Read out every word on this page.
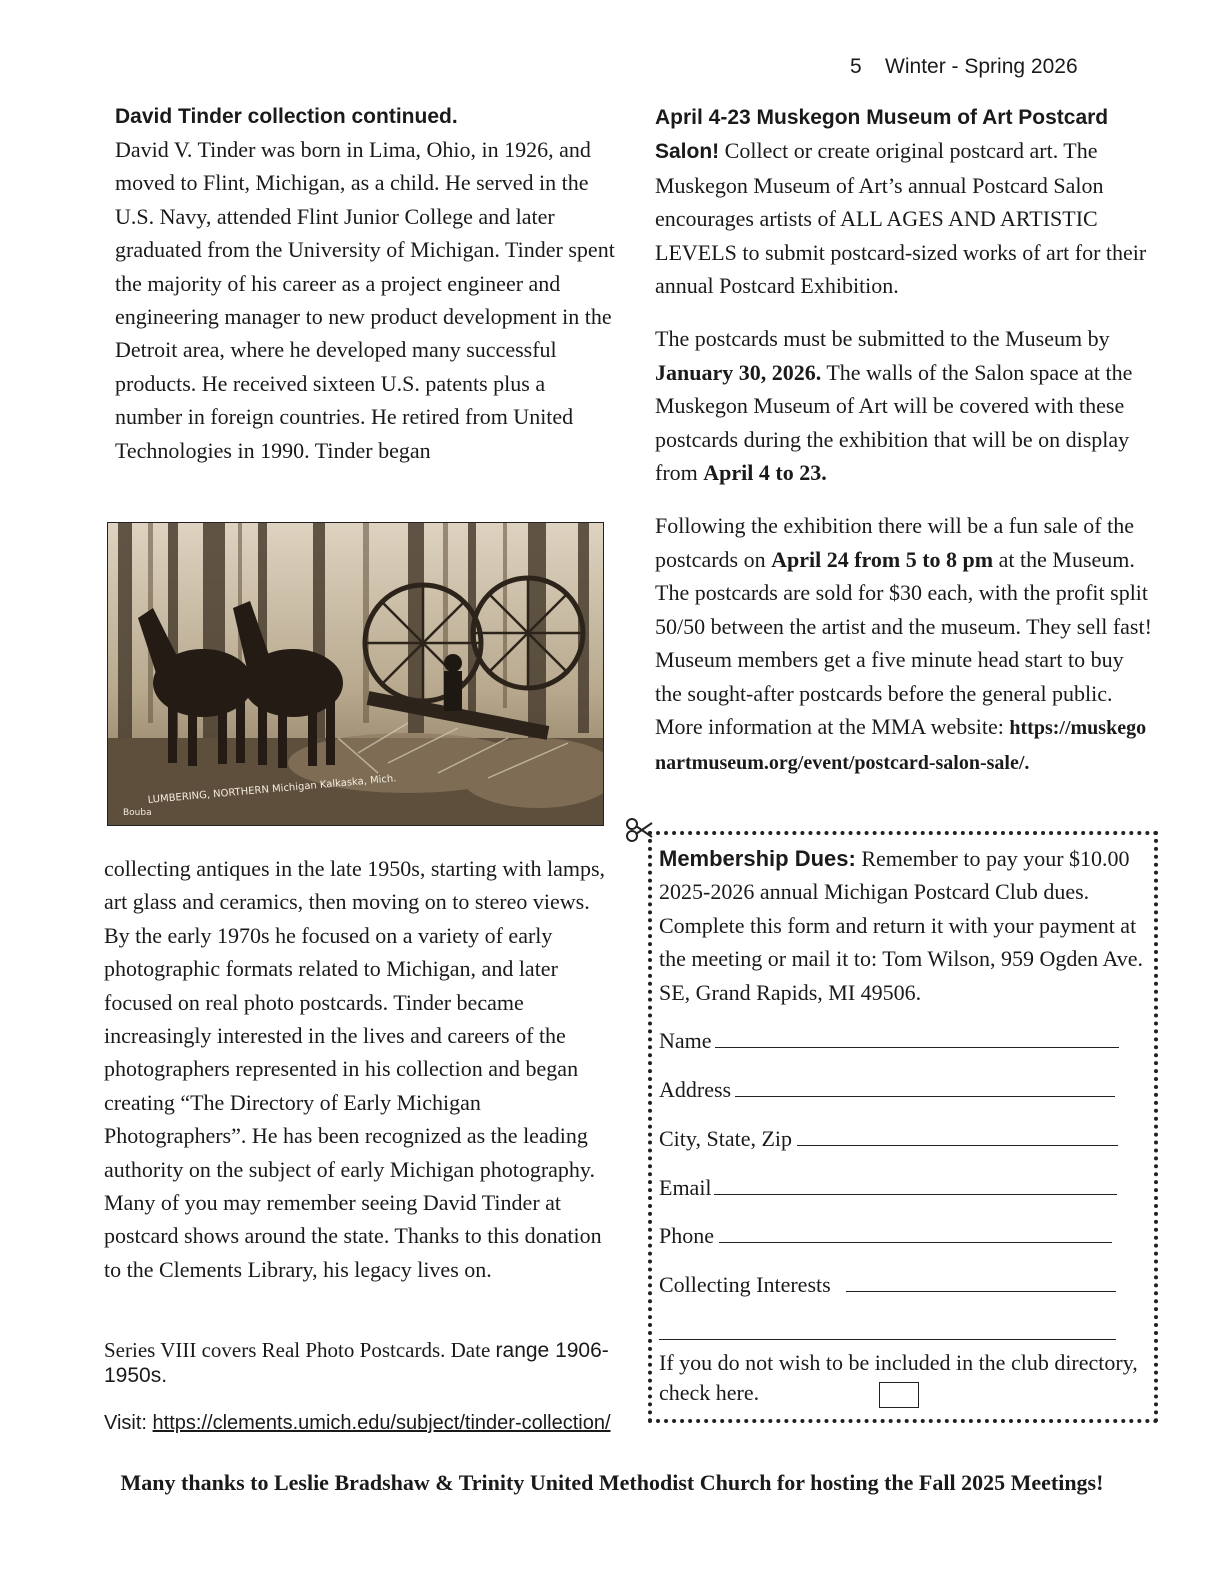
5 Winter - Spring 2026
David Tinder collection continued.
David V. Tinder was born in Lima, Ohio, in 1926, and moved to Flint, Michigan, as a child. He served in the U.S. Navy, attended Flint Junior College and later graduated from the University of Michigan. Tinder spent the majority of his career as a project engineer and engineering manager to new product development in the Detroit area, where he developed many successful products. He received sixteen U.S. patents plus a number in foreign countries. He retired from United Technologies in 1990. Tinder began
LUMBERING, NORTHERN Michigan Kalkaska, Mich.
Bouba
collecting antiques in the late 1950s, starting with lamps, art glass and ceramics, then moving on to stereo views. By the early 1970s he focused on a variety of early photographic formats related to Michigan, and later focused on real photo postcards. Tinder became increasingly interested in the lives and careers of the photographers represented in his collection and began creating “The Directory of Early Michigan Photographers”. He has been recognized as the leading authority on the subject of early Michigan photography. Many of you may remember seeing David Tinder at postcard shows around the state. Thanks to this donation to the Clements Library, his legacy lives on.
Series VIII covers Real Photo Postcards. Date range 1906-1950s.
Visit: https://clements.umich.edu/subject/tinder-collection/

April 4-23 Muskegon Museum of Art Postcard Salon! Collect or create original postcard art. The Muskegon Museum of Art’s annual Postcard Salon encourages artists of ALL AGES AND ARTISTIC LEVELS to submit postcard-sized works of art for their annual Postcard Exhibition.

The postcards must be submitted to the Museum by January 30, 2026. The walls of the Salon space at the Muskegon Museum of Art will be covered with these postcards during the exhibition that will be on display from April 4 to 23.

Following the exhibition there will be a fun sale of the postcards on April 24 from 5 to 8 pm at the Museum. The postcards are sold for $30 each, with the profit split 50/50 between the artist and the museum. They sell fast! Museum members get a five minute head start to buy the sought-after postcards before the general public. More information at the MMA website: https://muskegonartmuseum.org/event/postcard-salon-sale/.

Membership Dues: Remember to pay your $10.00 2025-2026 annual Michigan Postcard Club dues. Complete this form and return it with your payment at the meeting or mail it to: Tom Wilson, 959 Ogden Ave. SE, Grand Rapids, MI 49506.
Name
Address
City, State, Zip
Email
Phone
Collecting Interests
If you do not wish to be included in the club directory, check here.
Many thanks to Leslie Bradshaw & Trinity United Methodist Church for hosting the Fall 2025 Meetings!
